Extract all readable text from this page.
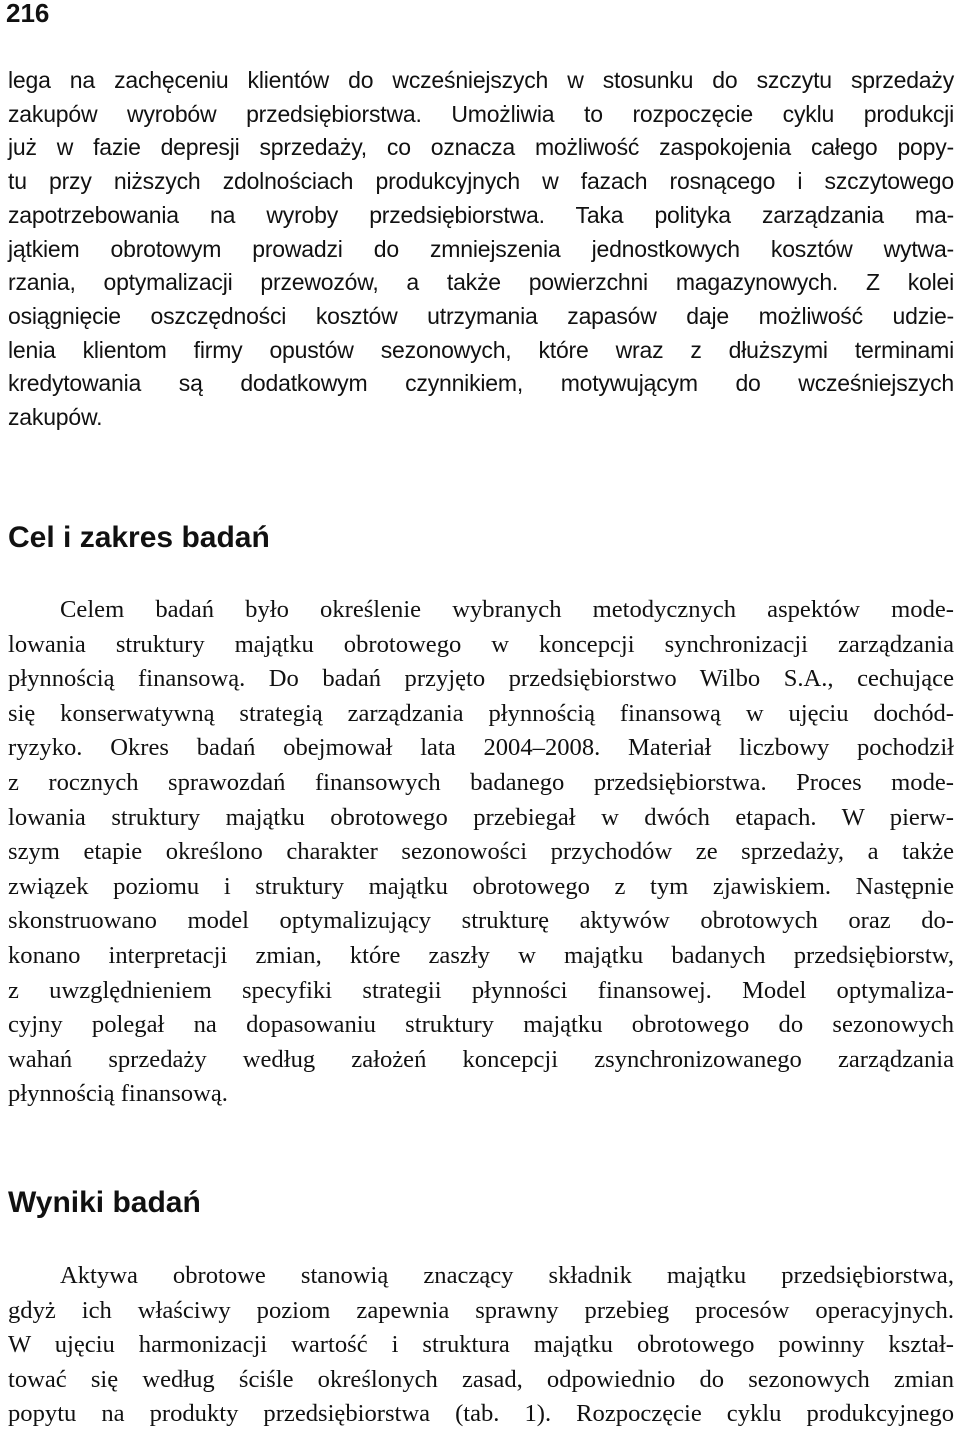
216
lega na zachęceniu klientów do wcześniejszych w stosunku do szczytu sprzedaży
zakupów wyrobów przedsiębiorstwa. Umożliwia to rozpoczęcie cyklu produkcji
już w fazie depresji sprzedaży, co oznacza możliwość zaspokojenia całego popy-
tu przy niższych zdolnościach produkcyjnych w fazach rosnącego i szczytowego
zapotrzebowania na wyroby przedsiębiorstwa. Taka polityka zarządzania ma-
jątkiem obrotowym prowadzi do zmniejszenia jednostkowych kosztów wytwa-
rzania, optymalizacji przewozów, a także powierzchni magazynowych. Z kolei
osiągnięcie oszczędności kosztów utrzymania zapasów daje możliwość udzie-
lenia klientom firmy opustów sezonowych, które wraz z dłuższymi terminami
kredytowania są dodatkowym czynnikiem, motywującym do wcześniejszych
zakupów.
Cel i zakres badań
Celem badań było określenie wybranych metodycznych aspektów mode-
lowania struktury majątku obrotowego w koncepcji synchronizacji zarządzania
płynnością finansową. Do badań przyjęto przedsiębiorstwo Wilbo S.A., cechujące
się konserwatywną strategią zarządzania płynnością finansową w ujęciu dochód-
ryzyko. Okres badań obejmował lata 2004–2008. Materiał liczbowy pochodził
z rocznych sprawozdań finansowych badanego przedsiębiorstwa. Proces mode-
lowania struktury majątku obrotowego przebiegał w dwóch etapach. W pierw-
szym etapie określono charakter sezonowości przychodów ze sprzedaży, a także
związek poziomu i struktury majątku obrotowego z tym zjawiskiem. Następnie
skonstruowano model optymalizujący strukturę aktywów obrotowych oraz do-
konano interpretacji zmian, które zaszły w majątku badanych przedsiębiorstw,
z uwzględnieniem specyfiki strategii płynności finansowej. Model optymaliza-
cyjny polegał na dopasowaniu struktury majątku obrotowego do sezonowych
wahań sprzedaży według założeń koncepcji zsynchronizowanego zarządzania
płynnością finansową.
Wyniki badań
Aktywa obrotowe stanowią znaczący składnik majątku przedsiębiorstwa,
gdyż ich właściwy poziom zapewnia sprawny przebieg procesów operacyjnych.
W ujęciu harmonizacji wartość i struktura majątku obrotowego powinny kształ-
tować się według ściśle określonych zasad, odpowiednio do sezonowych zmian
popytu na produkty przedsiębiorstwa (tab. 1). Rozpoczęcie cyklu produkcyjnego
